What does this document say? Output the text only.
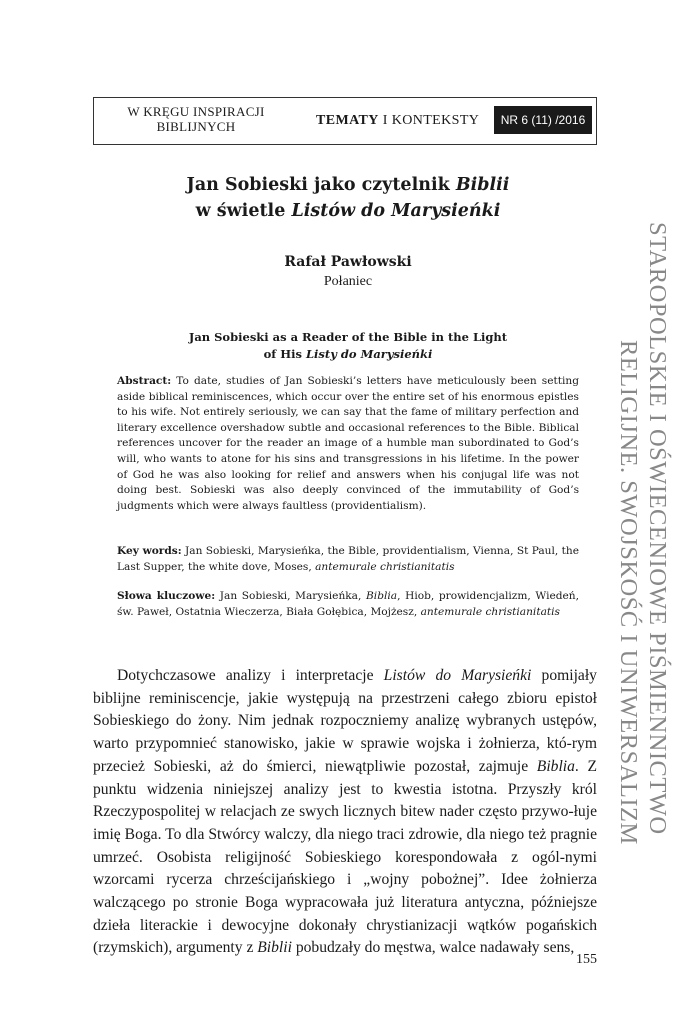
W KRĘGU INSPIRACJI
BIBLIJNYCH	TEMATY I KONTEKSTY	NR 6 (11) /2016
Jan Sobieski jako czytelnik Biblii
w świetle Listów do Marysieńki
Rafał Pawłowski
Połaniec
Jan Sobieski as a Reader of the Bible in the Light
of His Listy do Marysieńki
Abstract: To date, studies of Jan Sobieski’s letters have meticulously been setting aside biblical reminiscences, which occur over the entire set of his enormous epistles to his wife. Not entirely seriously, we can say that the fame of military perfection and literary excellence overshadow subtle and occasional references to the Bible. Biblical references uncover for the reader an image of a humble man subordinated to God’s will, who wants to atone for his sins and transgressions in his lifetime. In the power of God he was also looking for relief and answers when his conjugal life was not doing best. Sobieski was also deeply convinced of the immutability of God’s judgments which were always faultless (providentialism).
Key words: Jan Sobieski, Marysieńka, the Bible, providentialism, Vienna, St Paul, the Last Supper, the white dove, Moses, antemurale christianitatis
Słowa kluczowe: Jan Sobieski, Marysieńka, Biblia, Hiob, prowidencjalizm, Wiedeń, św. Paweł, Ostatnia Wieczerza, Biała Gołębica, Mojżesz, antemurale christianitatis
Dotychczasowe analizy i interpretacje Listów do Marysieńki pomijały biblijne reminiscencje, jakie występują na przestrzeni całego zbioru epistoł Sobieskiego do żony. Nim jednak rozpoczniemy analizę wybranych ustępów, warto przypomnieć stanowisko, jakie w sprawie wojska i żołnierza, któ-rym przecież Sobieski, aż do śmierci, niewątpliwie pozostał, zajmuje Biblia. Z punktu widzenia niniejszej analizy jest to kwestia istotna. Przyszły król Rzeczypospolitej w relacjach ze swych licznych bitew nader często przywo-łuje imię Boga. To dla Stwórcy walczy, dla niego traci zdrowie, dla niego też pragnie umrzeć. Osobista religijność Sobieskiego korespondowała z ogól-nymi wzorcami rycerza chrześcijańskiego i „wojny pobożnej”. Idee żołnierza walczącego po stronie Boga wypracowała już literatura antyczna, późniejsze dzieła literackie i dewocyjne dokonały chrystianizacji wątków pogańskich (rzymskich), argumenty z Biblii pobudzały do męstwa, walce nadawały sens,
155
STAROPOLSKIE I OŚWIECENIOWE PIŚMIENNICTWO
RELIGIJNE. SWOJSKOŚĆ I UNIWERSALIZM
